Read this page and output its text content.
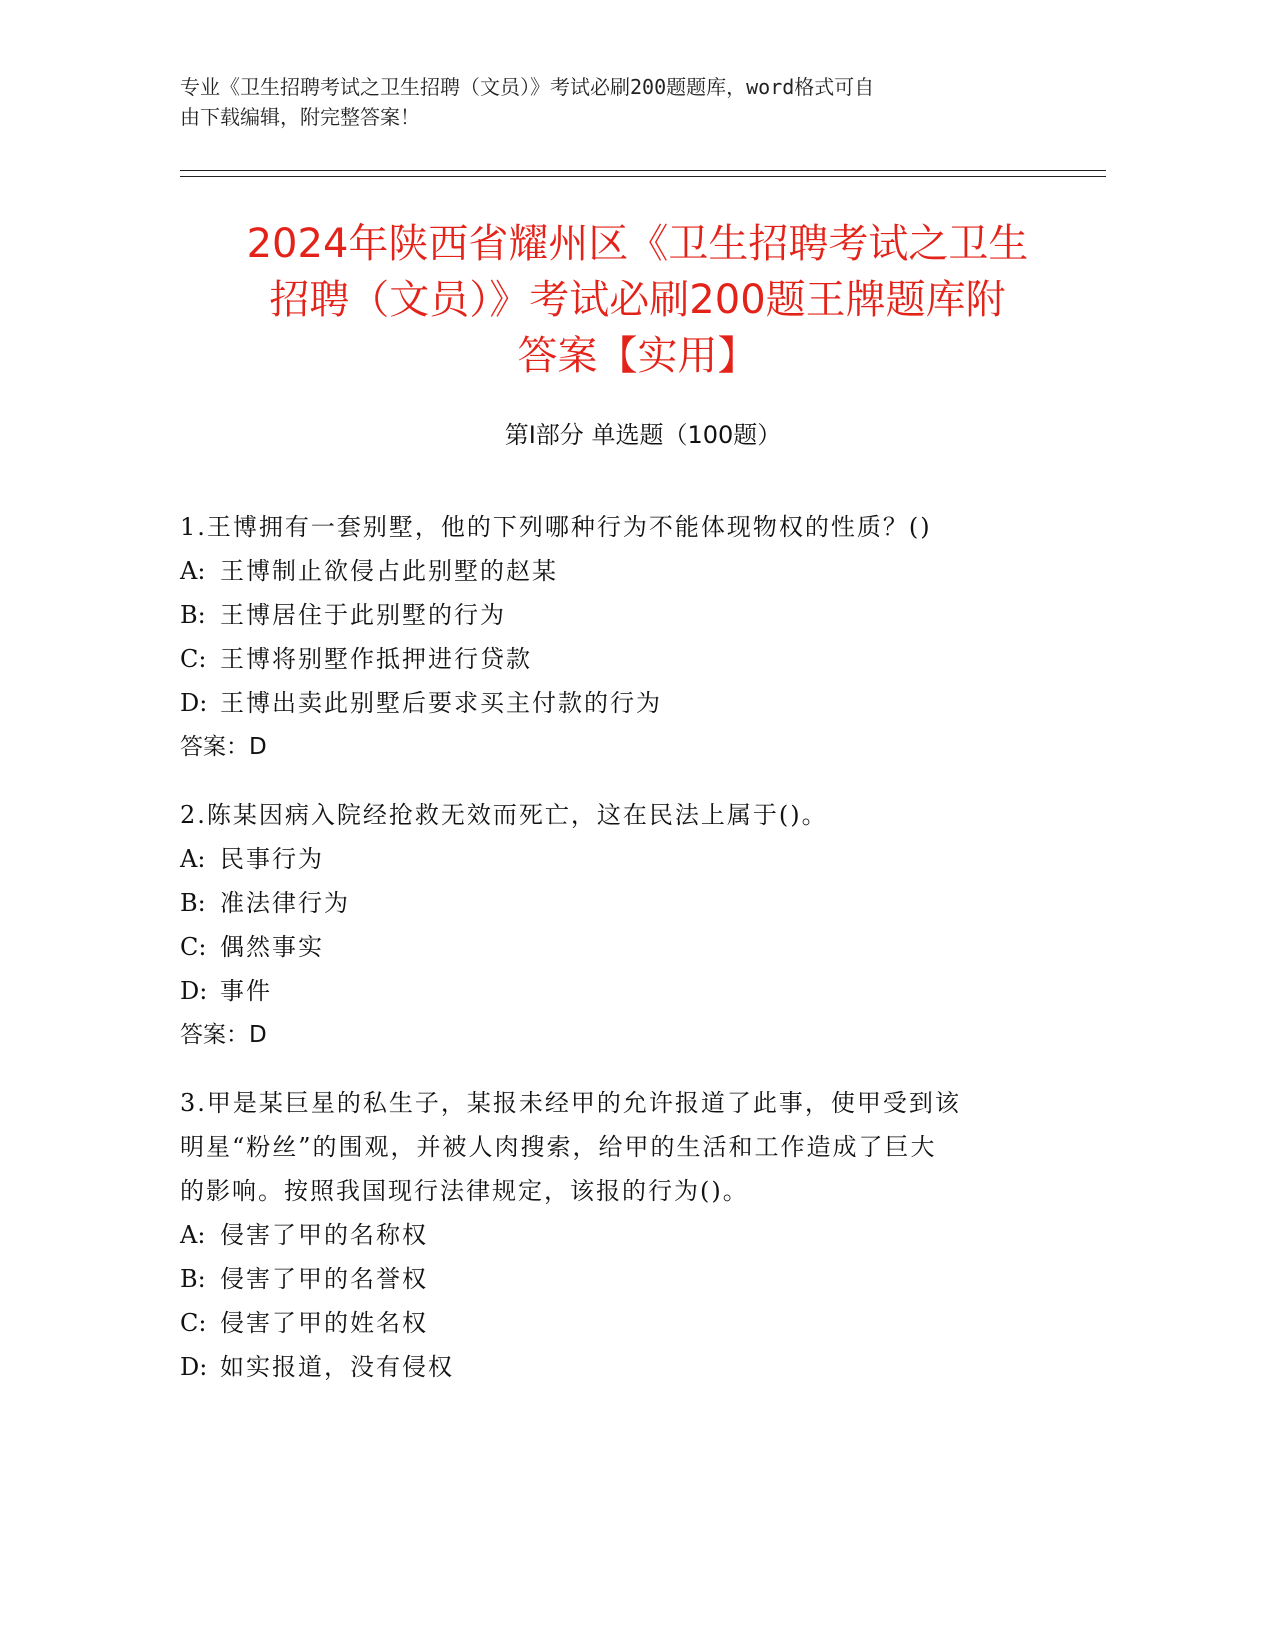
专业《卫生招聘考试之卫生招聘（文员）》考试必刷200题题库，word格式可自

由下载编辑，附完整答案！

2024年陕西省耀州区《卫生招聘考试之卫生

招聘（文员）》考试必刷200题王牌题库附

答案【实用】

第Ⅰ部分 单选题（100题）

1.王博拥有一套别墅，他的下列哪种行为不能体现物权的性质？()

A: 王博制止欲侵占此别墅的赵某

B: 王博居住于此别墅的行为

C: 王博将别墅作抵押进行贷款

D: 王博出卖此别墅后要求买主付款的行为

答案：D

2.陈某因病入院经抢救无效而死亡，这在民法上属于()。

A: 民事行为

B: 准法律行为

C: 偶然事实

D: 事件

答案：D

3.甲是某巨星的私生子，某报未经甲的允许报道了此事，使甲受到该

明星“粉丝”的围观，并被人肉搜索，给甲的生活和工作造成了巨大

的影响。按照我国现行法律规定，该报的行为()。

A: 侵害了甲的名称权

B: 侵害了甲的名誉权

C: 侵害了甲的姓名权

D: 如实报道，没有侵权
